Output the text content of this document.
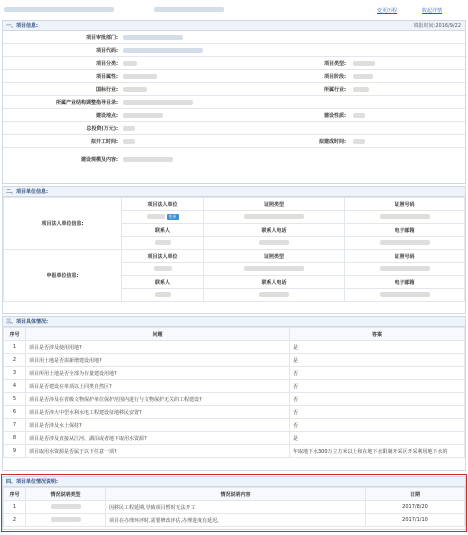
变更历程	收起详情
一、项目信息:	填报时间:2016/9/22
项目审批部门:
项目代码:
项目分类:	项目类型:
项目属性:	项目阶段:
国标行业:	所属行业:
所属产业结构调整指导目录:
建设地点:	建设性质:
总投资(万元):
拟开工时间:	拟建成时间:
建设规模及内容:
二、项目单位信息:
项目法人单位信息:	项目法人单位	证照类型	证照号码
	变更		
	联系人	联系人电话	电子邮箱

申报单位信息:	项目法人单位	证照类型	证照号码

	联系人	联系人电话	电子邮箱

三、项目具体情况:
序号	问题	答案
1	项目是否涉及使用用地?	是
2	项目用土地是否需新增建设用地?	是
3	项目所用土地是否全部为存量建设用地?	否
4	项目是否建设在单项以上同类自然区?	否
5	项目是否涉及在省级文物保护单位保护范围内进行与文物保护无关的工程建设?	否
6	项目是否涉大中型水利水电工程建设征地移民安置?	否
7	项目是否涉及水土保持?	否
8	项目是否涉及直接从江河、湖泊或者地下取用水资源?	是
9	项目取用水资源是否属于以下任意一项?	年取地下水300万立方米以上和在地下水限制开采区开采利用地下水的
四、项目单位情况说明:
序号	情况说明类型	情况说明内容	日期
1		因移民工程延期,导致项目暂时无法开工	2017/8/20
2		项目在办理环评时,需要修改评估,办理进度有延迟。	2017/1/10
